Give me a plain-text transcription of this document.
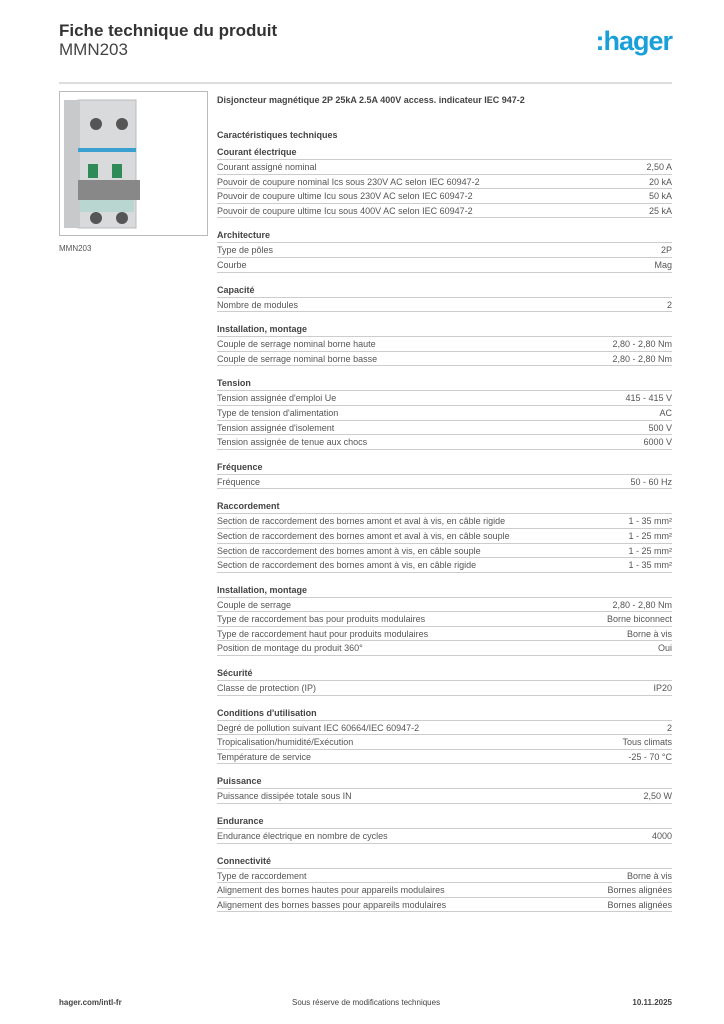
Fiche technique du produit
MMN203	:hager
MMN203
Disjoncteur magnétique 2P 25kA 2.5A 400V access. indicateur IEC 947-2
Caractéristiques techniques
Courant électrique
Courant assigné nominal	2,50 A
Pouvoir de coupure nominal Ics sous 230V AC selon IEC 60947-2	20 kA
Pouvoir de coupure ultime Icu sous 230V AC selon IEC 60947-2	50 kA
Pouvoir de coupure ultime Icu sous 400V AC selon IEC 60947-2	25 kA
Architecture
Type de pôles	2P
Courbe	Mag
Capacité
Nombre de modules	2
Installation, montage
Couple de serrage nominal borne haute	2,80 - 2,80 Nm
Couple de serrage nominal borne basse	2,80 - 2,80 Nm
Tension
Tension assignée d'emploi Ue	415 - 415 V
Type de tension d'alimentation	AC
Tension assignée d'isolement	500 V
Tension assignée de tenue aux chocs	6000 V
Fréquence
Fréquence	50 - 60 Hz
Raccordement
Section de raccordement des bornes amont et aval à vis, en câble rigide	1 - 35 mm²
Section de raccordement des bornes amont et aval à vis, en câble souple	1 - 25 mm²
Section de raccordement des bornes amont à vis, en câble souple	1 - 25 mm²
Section de raccordement des bornes amont à vis, en câble rigide	1 - 35 mm²
Installation, montage
Couple de serrage	2,80 - 2,80 Nm
Type de raccordement bas pour produits modulaires	Borne biconnect
Type de raccordement haut pour produits modulaires	Borne à vis
Position de montage du produit 360°	Oui
Sécurité
Classe de protection (IP)	IP20
Conditions d'utilisation
Degré de pollution suivant IEC 60664/IEC 60947-2	2
Tropicalisation/humidité/Exécution	Tous climats
Température de service	-25 - 70 °C
Puissance
Puissance dissipée totale sous IN	2,50 W
Endurance
Endurance électrique en nombre de cycles	4000
Connectivité
Type de raccordement	Borne à vis
Alignement des bornes hautes pour appareils modulaires	Bornes alignées
Alignement des bornes basses pour appareils modulaires	Bornes alignées
hager.com/intl-fr	Sous réserve de modifications techniques	10.11.2025
